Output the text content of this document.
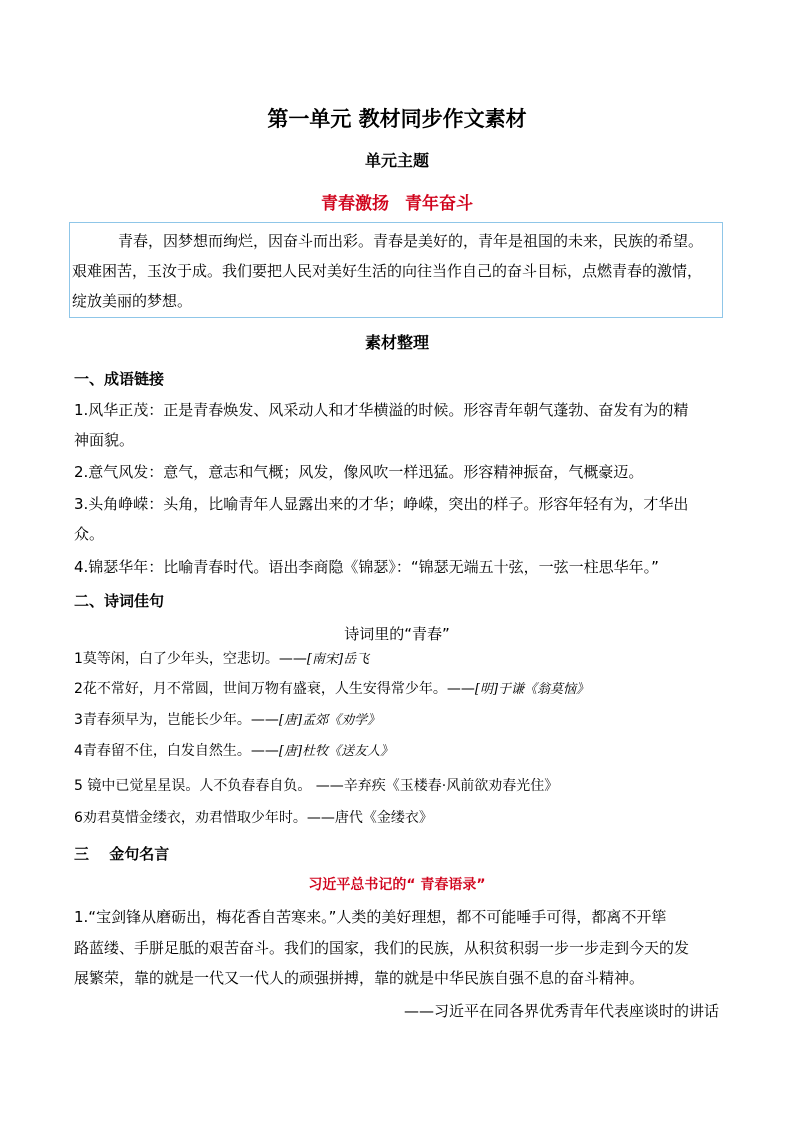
第一单元 教材同步作文素材
单元主题
青春激扬 青年奋斗
青春，因梦想而绚烂，因奋斗而出彩。青春是美好的，青年是祖国的未来，民族的希望。
艰难困苦，玉汝于成。我们要把人民对美好生活的向往当作自己的奋斗目标，点燃青春的激情，
绽放美丽的梦想。
素材整理
一、成语链接
1.风华正茂：正是青春焕发、风采动人和才华横溢的时候。形容青年朝气蓬勃、奋发有为的精
神面貌。
2.意气风发：意气，意志和气概；风发，像风吹一样迅猛。形容精神振奋，气概豪迈。
3.头角峥嵘：头角，比喻青年人显露出来的才华；峥嵘，突出的样子。形容年轻有为，才华出
众。
4.锦瑟华年：比喻青春时代。语出李商隐《锦瑟》：“锦瑟无端五十弦，一弦一柱思华年。”
二、诗词佳句
诗词里的“青春”
1莫等闲，白了少年头，空悲切。——[南宋]岳飞
2花不常好，月不常圆，世间万物有盛衰，人生安得常少年。——[明]于谦《翁莫恼》
3青春须早为，岂能长少年。——[唐]孟郊《劝学》
4青春留不住，白发自然生。——[唐]杜牧《送友人》
5 镜中已觉星星误。人不负春春自负。 ——辛弃疾《玉楼春·风前欲劝春光住》
6劝君莫惜金缕衣，劝君惜取少年时。——唐代《金缕衣》
三　 金句名言
习近平总书记的“ 青春语录”
1.“宝剑锋从磨砺出，梅花香自苦寒来。”人类的美好理想，都不可能唾手可得，都离不开筚
路蓝缕、手胼足胝的艰苦奋斗。我们的国家，我们的民族，从积贫积弱一步一步走到今天的发
展繁荣，靠的就是一代又一代人的顽强拼搏，靠的就是中华民族自强不息的奋斗精神。
——习近平在同各界优秀青年代表座谈时的讲话
